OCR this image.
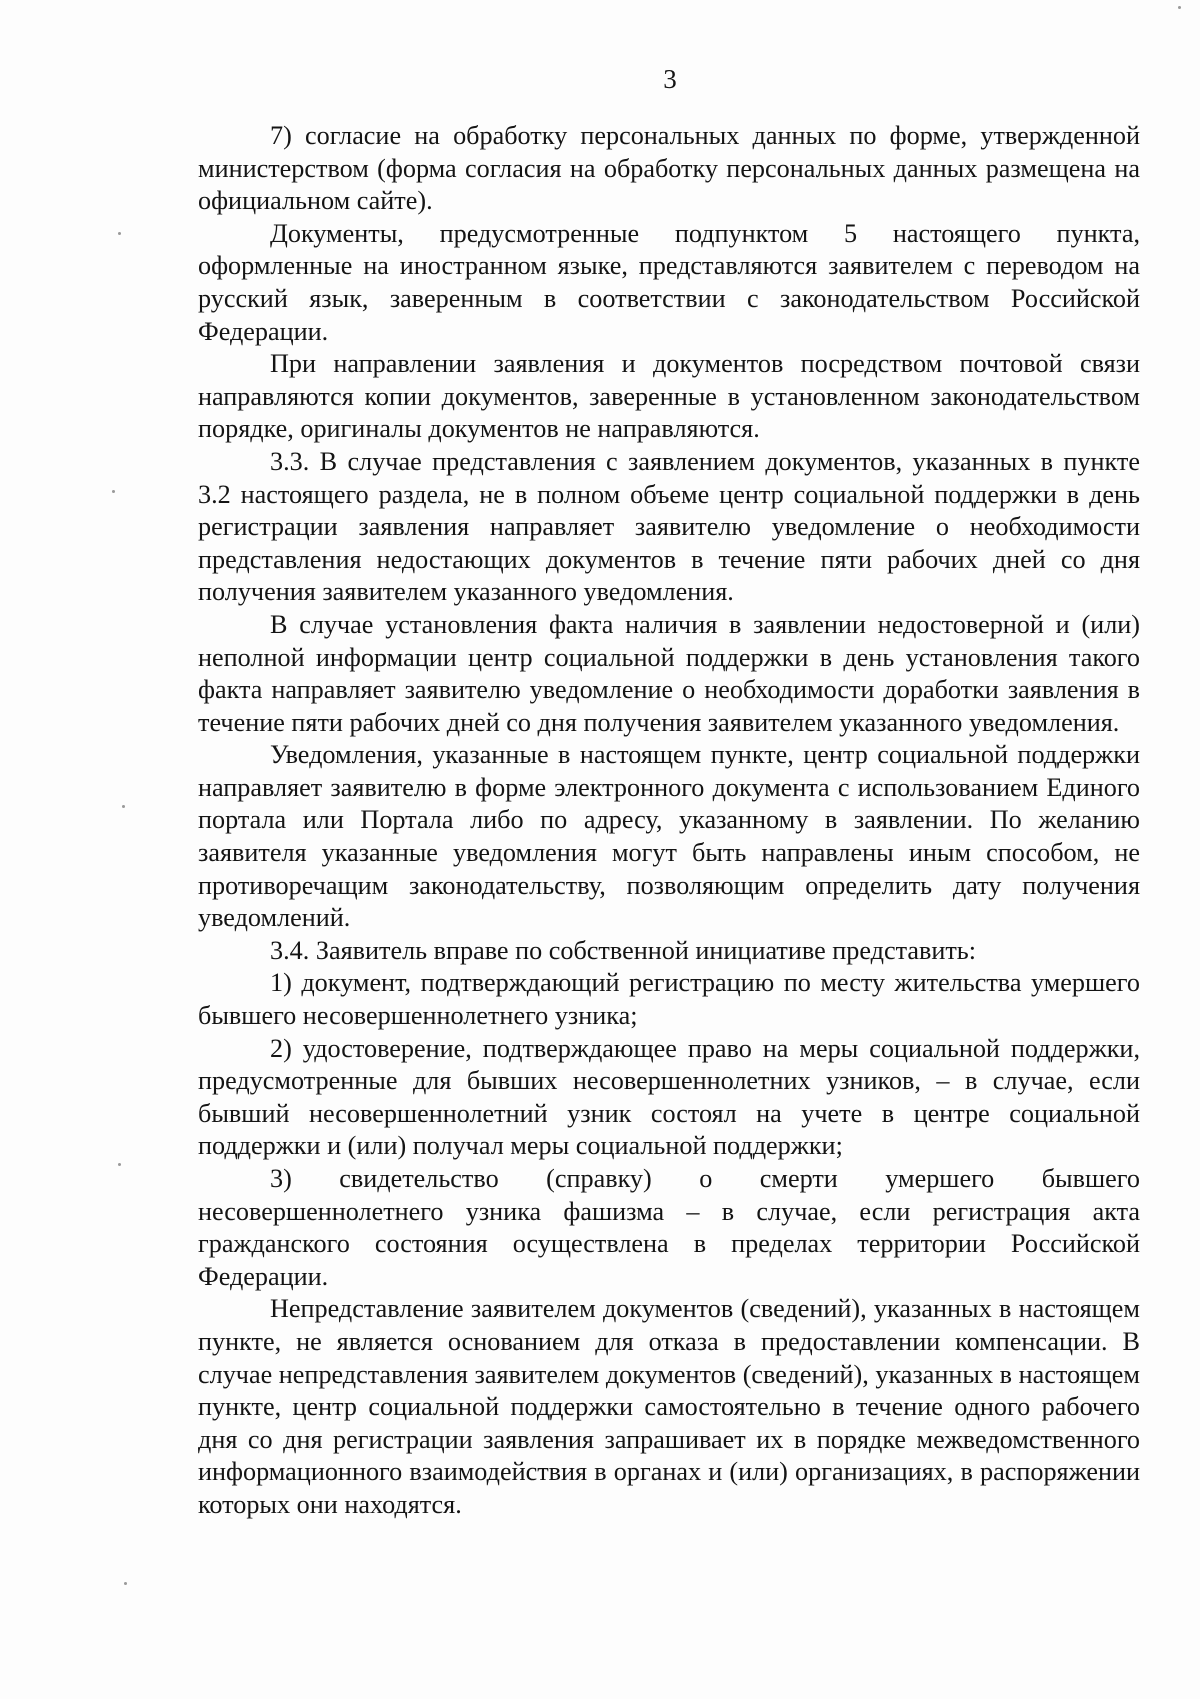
3

7) согласие на обработку персональных данных по форме, утвержденной министерством (форма согласия на обработку персональных данных размещена на официальном сайте).

Документы, предусмотренные подпунктом 5 настоящего пункта, оформленные на иностранном языке, представляются заявителем с переводом на русский язык, заверенным в соответствии с законодательством Российской Федерации.

При направлении заявления и документов посредством почтовой связи направляются копии документов, заверенные в установленном законодательством порядке, оригиналы документов не направляются.

3.3. В случае представления с заявлением документов, указанных в пункте 3.2 настоящего раздела, не в полном объеме центр социальной поддержки в день регистрации заявления направляет заявителю уведомление о необходимости представления недостающих документов в течение пяти рабочих дней со дня получения заявителем указанного уведомления.

В случае установления факта наличия в заявлении недостоверной и (или) неполной информации центр социальной поддержки в день установления такого факта направляет заявителю уведомление о необходимости доработки заявления в течение пяти рабочих дней со дня получения заявителем указанного уведомления.

Уведомления, указанные в настоящем пункте, центр социальной поддержки направляет заявителю в форме электронного документа с использованием Единого портала или Портала либо по адресу, указанному в заявлении. По желанию заявителя указанные уведомления могут быть направлены иным способом, не противоречащим законодательству, позволяющим определить дату получения уведомлений.

3.4. Заявитель вправе по собственной инициативе представить:

1) документ, подтверждающий регистрацию по месту жительства умершего бывшего несовершеннолетнего узника;

2) удостоверение, подтверждающее право на меры социальной поддержки, предусмотренные для бывших несовершеннолетних узников, – в случае, если бывший несовершеннолетний узник состоял на учете в центре социальной поддержки и (или) получал меры социальной поддержки;

3) свидетельство (справку) о смерти умершего бывшего несовершеннолетнего узника фашизма – в случае, если регистрация акта гражданского состояния осуществлена в пределах территории Российской Федерации.

Непредставление заявителем документов (сведений), указанных в настоящем пункте, не является основанием для отказа в предоставлении компенсации. В случае непредставления заявителем документов (сведений), указанных в настоящем пункте, центр социальной поддержки самостоятельно в течение одного рабочего дня со дня регистрации заявления запрашивает их в порядке межведомственного информационного взаимодействия в органах и (или) организациях, в распоряжении которых они находятся.
